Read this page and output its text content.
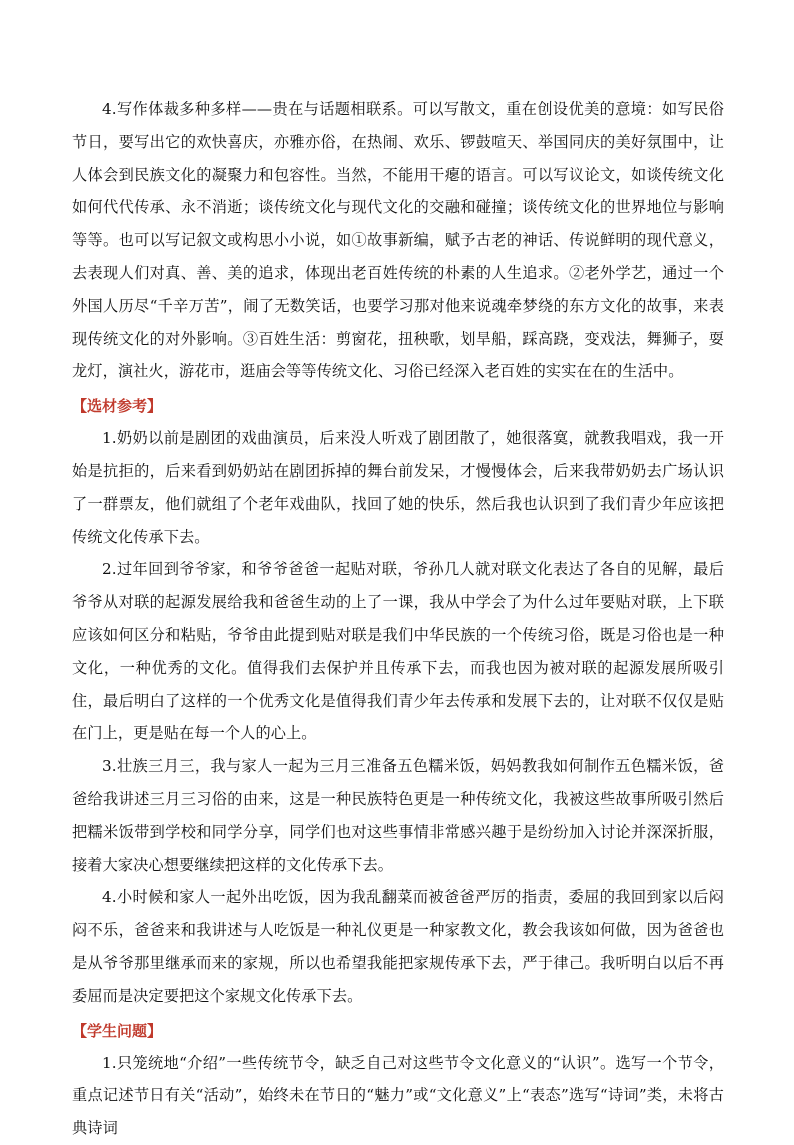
4.写作体裁多种多样——贵在与话题相联系。可以写散文，重在创设优美的意境：如写民俗节日，要写出它的欢快喜庆，亦雅亦俗，在热闹、欢乐、锣鼓喧天、举国同庆的美好氛围中，让人体会到民族文化的凝聚力和包容性。当然，不能用干瘪的语言。可以写议论文，如谈传统文化如何代代传承、永不消逝；谈传统文化与现代文化的交融和碰撞；谈传统文化的世界地位与影响等等。也可以写记叙文或构思小小说，如①故事新编，赋予古老的神话、传说鲜明的现代意义，去表现人们对真、善、美的追求，体现出老百姓传统的朴素的人生追求。②老外学艺，通过一个外国人历尽“千辛万苦”，闹了无数笑话，也要学习那对他来说魂牵梦绕的东方文化的故事，来表现传统文化的对外影响。③百姓生活：剪窗花，扭秧歌，划旱船，踩高跷，变戏法，舞狮子，耍龙灯，演社火，游花市，逛庙会等等传统文化、习俗已经深入老百姓的实实在在的生活中。

【选材参考】

1.奶奶以前是剧团的戏曲演员，后来没人听戏了剧团散了，她很落寞，就教我唱戏，我一开始是抗拒的，后来看到奶奶站在剧团拆掉的舞台前发呆，才慢慢体会，后来我带奶奶去广场认识了一群票友，他们就组了个老年戏曲队，找回了她的快乐，然后我也认识到了我们青少年应该把传统文化传承下去。

2.过年回到爷爷家，和爷爷爸爸一起贴对联，爷孙几人就对联文化表达了各自的见解，最后爷爷从对联的起源发展给我和爸爸生动的上了一课，我从中学会了为什么过年要贴对联，上下联应该如何区分和粘贴，爷爷由此提到贴对联是我们中华民族的一个传统习俗，既是习俗也是一种文化，一种优秀的文化。值得我们去保护并且传承下去，而我也因为被对联的起源发展所吸引住，最后明白了这样的一个优秀文化是值得我们青少年去传承和发展下去的，让对联不仅仅是贴在门上，更是贴在每一个人的心上。

3.壮族三月三，我与家人一起为三月三准备五色糯米饭，妈妈教我如何制作五色糯米饭，爸爸给我讲述三月三习俗的由来，这是一种民族特色更是一种传统文化，我被这些故事所吸引然后把糯米饭带到学校和同学分享，同学们也对这些事情非常感兴趣于是纷纷加入讨论并深深折服，接着大家决心想要继续把这样的文化传承下去。

4.小时候和家人一起外出吃饭，因为我乱翻菜而被爸爸严厉的指责，委屈的我回到家以后闷闷不乐，爸爸来和我讲述与人吃饭是一种礼仪更是一种家教文化，教会我该如何做，因为爸爸也是从爷爷那里继承而来的家规，所以也希望我能把家规传承下去，严于律己。我听明白以后不再委屈而是决定要把这个家规文化传承下去。

【学生问题】

1.只笼统地“介绍”一些传统节令，缺乏自己对这些节令文化意义的“认识”。选写一个节令，重点记述节日有关“活动”，始终未在节日的“魅力”或“文化意义”上“表态”选写“诗词”类，未将古典诗词
